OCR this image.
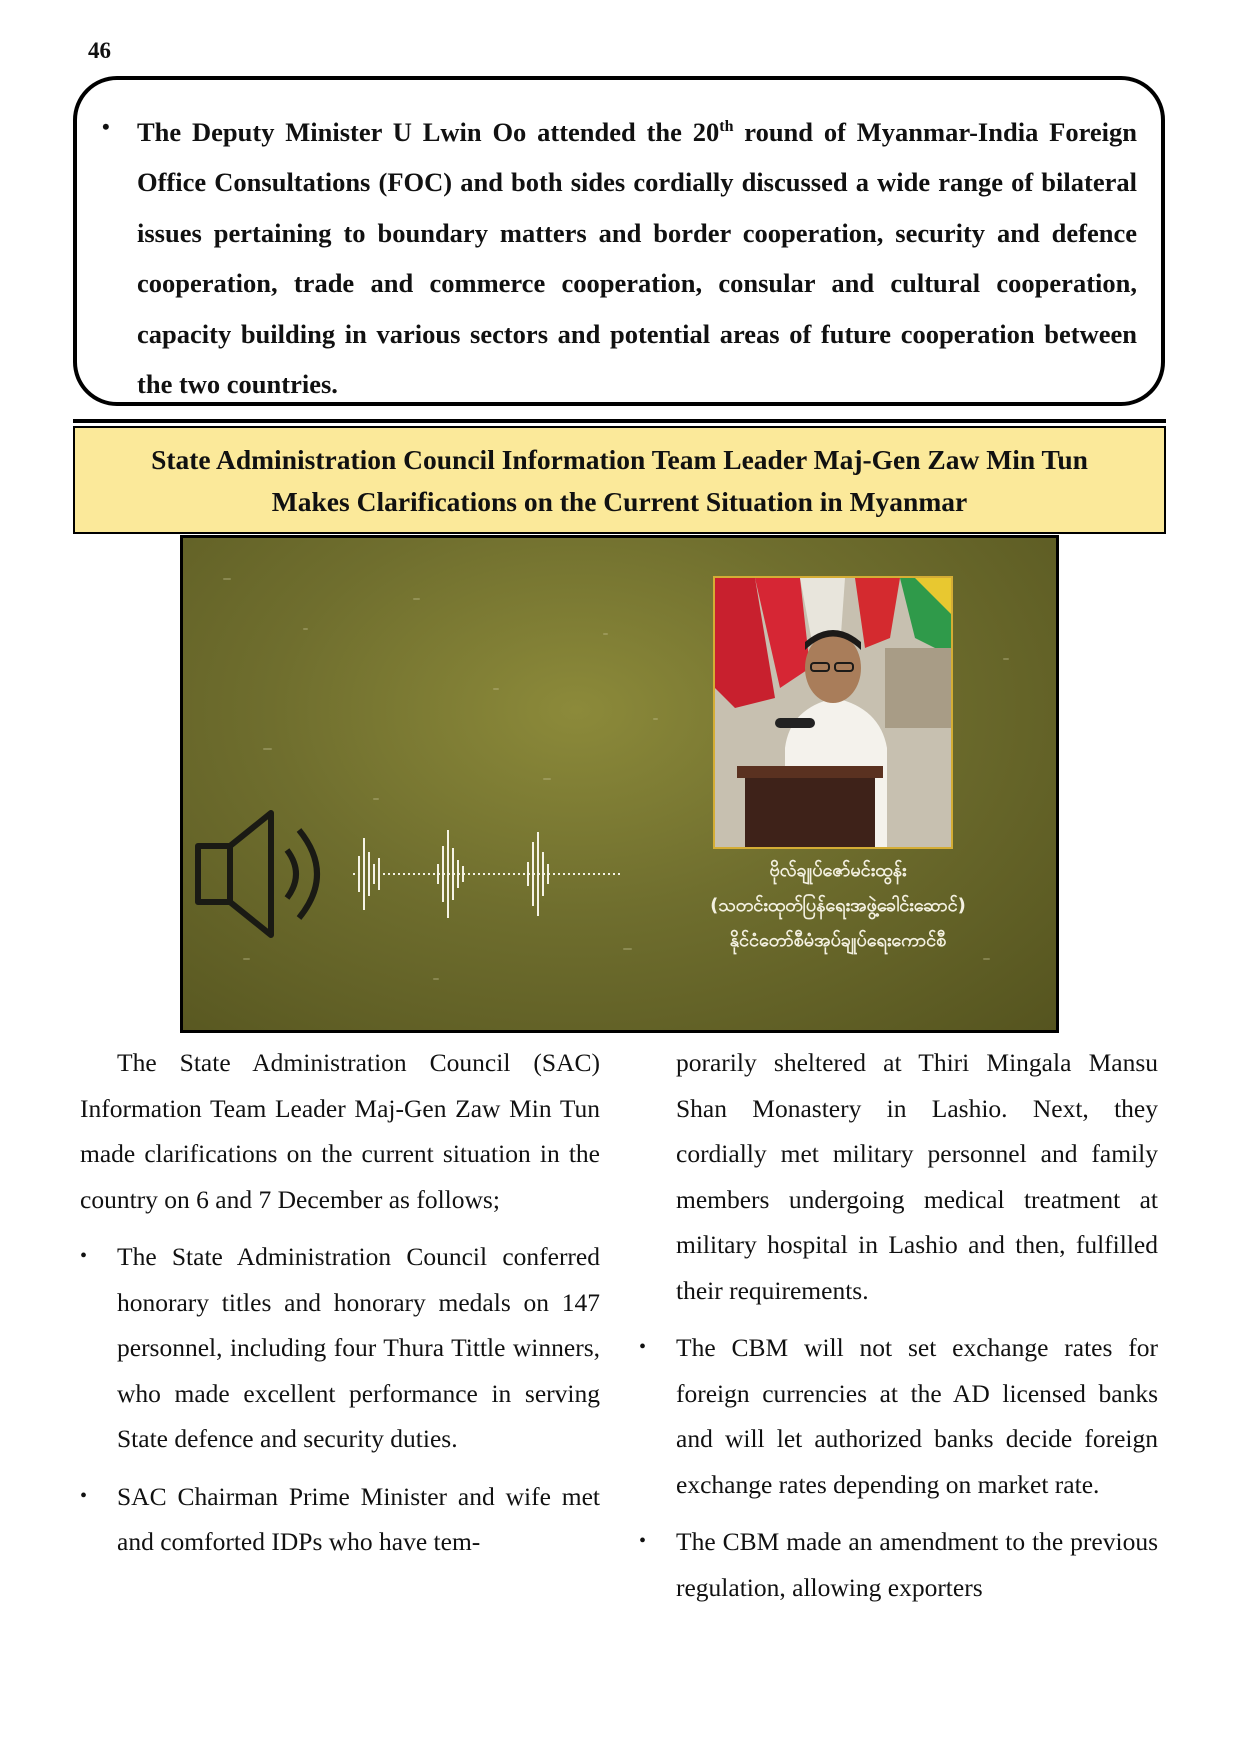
46
• The Deputy Minister U Lwin Oo attended the 20th round of Myanmar-India Foreign Office Consultations (FOC) and both sides cordially discussed a wide range of bilateral issues pertaining to boundary matters and border cooperation, security and defence cooperation, trade and commerce cooperation, consular and cultural cooperation, capacity building in various sectors and potential areas of future cooperation between the two countries.
State Administration Council Information Team Leader Maj-Gen Zaw Min Tun
Makes Clarifications on the Current Situation in Myanmar
ဗိုလ်ချုပ်ဇော်မင်းထွန်း
(သတင်းထုတ်ပြန်ရေးအဖွဲ့ခေါင်းဆောင်)
နိုင်ငံတော်စီမံအုပ်ချုပ်ရေးကောင်စီ

The State Administration Council (SAC) Information Team Leader Maj-Gen Zaw Min Tun made clarifications on the current situation in the country on 6 and 7 December as follows;

• The State Administration Council conferred honorary titles and honorary medals on 147 personnel, including four Thura Tittle winners, who made excellent performance in serving State defence and security duties.
• SAC Chairman Prime Minister and wife met and comforted IDPs who have tem-

porarily sheltered at Thiri Mingala Mansu Shan Monastery in Lashio. Next, they cordially met military personnel and family members undergoing medical treatment at military hospital in Lashio and then, fulfilled their requirements.

• The CBM will not set exchange rates for foreign currencies at the AD licensed banks and will let authorized banks decide foreign exchange rates depending on market rate.
• The CBM made an amendment to the previous regulation, allowing exporters
